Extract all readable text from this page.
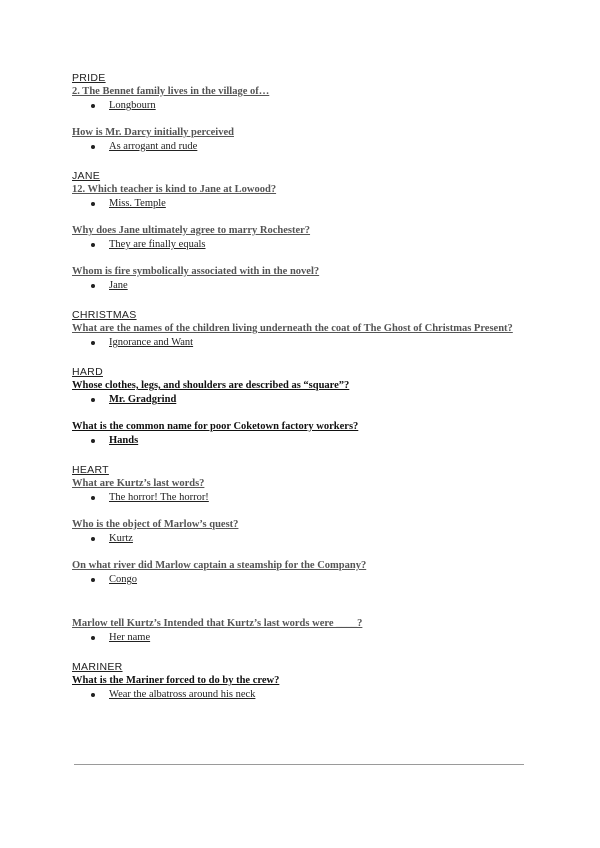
PRIDE
2. The Bennet family lives in the village of…
Longbourn
How is Mr. Darcy initially perceived
As arrogant and rude
JANE
12. Which teacher is kind to Jane at Lowood?
Miss. Temple
Why does Jane ultimately agree to marry Rochester?
They are finally equals
Whom is fire symbolically associated with in the novel?
Jane
CHRISTMAS
What are the names of the children living underneath the coat of The Ghost of Christmas Present?
Ignorance and Want
HARD
Whose clothes, legs, and shoulders are described as “square”?
Mr. Gradgrind
What is the common name for poor Coketown factory workers?
Hands
HEART
What are Kurtz’s last words?
The horror! The horror!
Who is the object of Marlow’s quest?
Kurtz
On what river did Marlow captain a steamship for the Company?
Congo
Marlow tell Kurtz’s Intended that Kurtz’s last words were ____?
Her name
MARINER
What is the Mariner forced to do by the crew?
Wear the albatross around his neck
